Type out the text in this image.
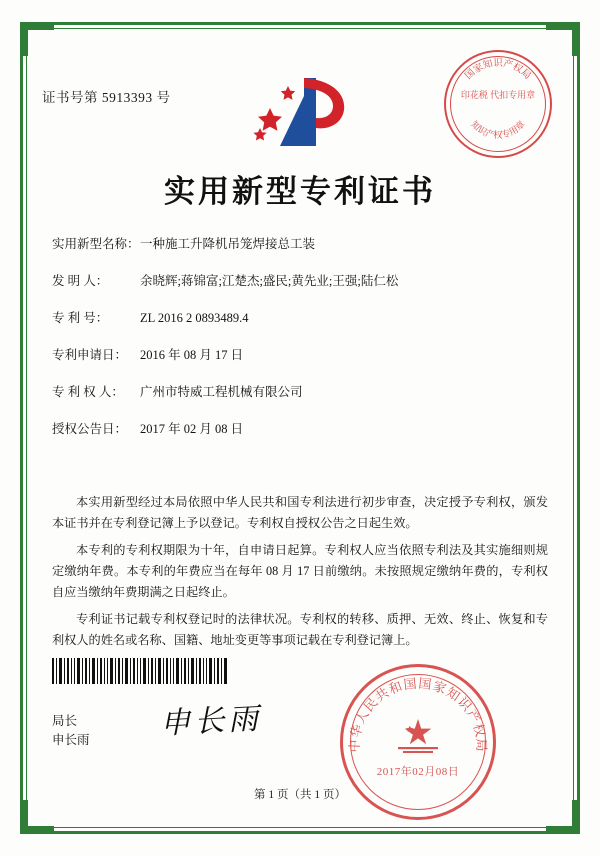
证书号第 5913393 号	印花税 代扣专用章
国家知识产权局
知识产权专用章
实用新型专利证书
实用新型名称：一种施工升降机吊笼焊接总工装
发 明 人：	余晓辉;蒋锦富;江楚杰;盛民;黄先业;王强;陆仁松
专 利 号：	ZL 2016 2 0893489.4
专利申请日： 2016 年 08 月 17 日
专 利 权 人： 广州市特威工程机械有限公司
授权公告日： 2017 年 02 月 08 日
本实用新型经过本局依照中华人民共和国专利法进行初步审查，决定授予专利权，颁发本证书并在专利登记簿上予以登记。专利权自授权公告之日起生效。
本专利的专利权期限为十年，自申请日起算。专利权人应当依照专利法及其实施细则规定缴纳年费。本专利的年费应当在每年 08 月 17 日前缴纳。未按照规定缴纳年费的，专利权自应当缴纳年费期满之日起终止。
专利证书记载专利权登记时的法律状况。专利权的转移、质押、无效、终止、恢复和专利权人的姓名或名称、国籍、地址变更等事项记载在专利登记簿上。
局长
申长雨 申长雨
中华人民共和国国家知识产权局
2017年02月08日
第 1 页（共 1 页）
